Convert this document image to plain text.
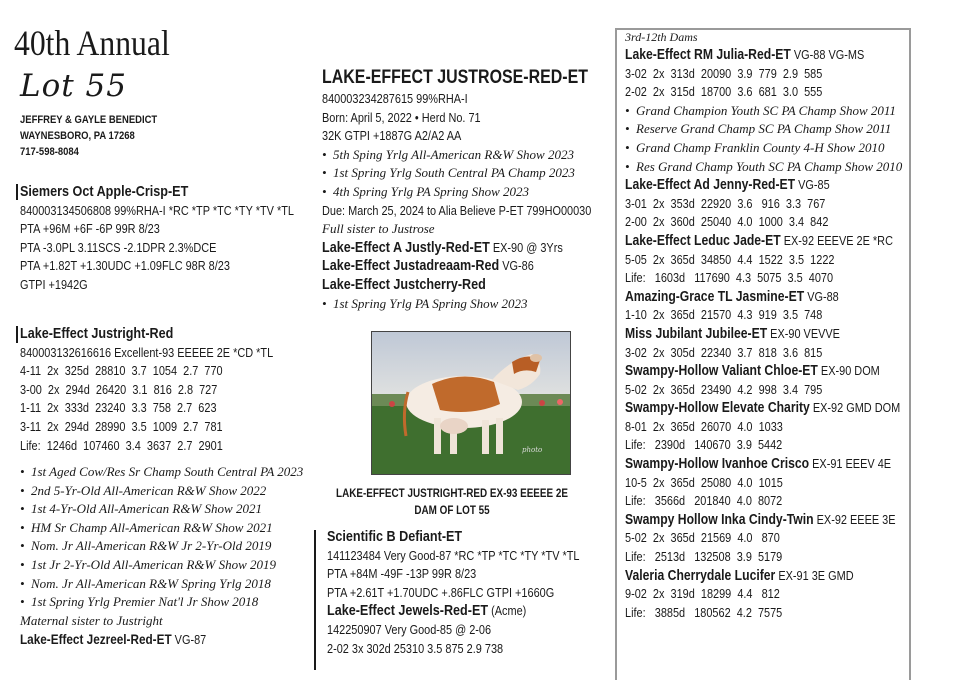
40th Annual
Lot 55
JEFFREY & GAYLE BENEDICT
WAYNESBORO, PA 17268
717-598-8084
Siemers Oct Apple-Crisp-ET
840003134506808 99%RHA-I *RC *TP *TC *TY *TV *TL
PTA +96M +6F -6P 99R 8/23
PTA -3.0PL 3.11SCS -2.1DPR 2.3%DCE
PTA +1.82T +1.30UDC +1.09FLC 98R 8/23
GTPI +1942G
Lake-Effect Justright-Red
840003132616616 Excellent-93 EEEEE 2E *CD *TL
4-11  2x  325d  28810  3.7  1054  2.7  770
3-00  2x  294d  26420  3.1  816  2.8  727
1-11  2x  333d  23240  3.3  758  2.7  623
3-11  2x  294d  28990  3.5  1009  2.7  781
Life:  1246d  107460  3.4  3637  2.7  2901
• 1st Aged Cow/Res Sr Champ South Central PA 2023
• 2nd 5-Yr-Old All-American R&W Show 2022
• 1st 4-Yr-Old All-American R&W Show 2021
• HM Sr Champ All-American R&W Show 2021
• Nom. Jr All-American R&W Jr 2-Yr-Old 2019
• 1st Jr 2-Yr-Old All-American R&W Show 2019
• Nom. Jr All-American R&W Spring Yrlg 2018
• 1st Spring Yrlg Premier Nat'l Jr Show 2018
Maternal sister to Justright
Lake-Effect Jezreel-Red-ET VG-87
LAKE-EFFECT JUSTROSE-RED-ET
840003234287615 99%RHA-I
Born: April 5, 2022 • Herd No. 71
32K GTPI +1887G A2/A2 AA
• 5th Sping Yrlg All-American R&W Show 2023
• 1st Spring Yrlg South Central PA Champ 2023
• 4th Spring Yrlg PA Spring Show 2023
Due: March 25, 2024 to Alia Believe P-ET 799HO00030
Full sister to Justrose
Lake-Effect A Justly-Red-ET EX-90 @ 3Yrs
Lake-Effect Justadreaam-Red VG-86
Lake-Effect Justcherry-Red
• 1st Spring Yrlg PA Spring Show 2023
photo
LAKE-EFFECT JUSTRIGHT-RED EX-93 EEEEE 2E
DAM OF LOT 55
Scientific B Defiant-ET
141123484 Very Good-87 *RC *TP *TC *TY *TV *TL
PTA +84M -49F -13P 99R 8/23
PTA +2.61T +1.70UDC +.86FLC GTPI +1660G
Lake-Effect Jewels-Red-ET (Acme)
142250907 Very Good-85 @ 2-06
2-02 3x 302d 25310 3.5 875 2.9 738
3rd-12th Dams
Lake-Effect RM Julia-Red-ET VG-88 VG-MS
3-02  2x  313d  20090  3.9  779  2.9  585
2-02  2x  315d  18700  3.6  681  3.0  555
• Grand Champion Youth SC PA Champ Show 2011
• Reserve Grand Champ SC PA Champ Show 2011
• Grand Champ Franklin County 4-H Show 2010
• Res Grand Champ Youth SC PA Champ Show 2010
Lake-Effect Ad Jenny-Red-ET VG-85
3-01  2x  353d  22920  3.6   916  3.3  767
2-00  2x  360d  25040  4.0  1000  3.4  842
Lake-Effect Leduc Jade-ET EX-92 EEEVE 2E *RC
5-05  2x  365d  34850  4.4  1522  3.5  1222
Life:   1603d   117690  4.3  5075  3.5  4070
Amazing-Grace TL Jasmine-ET VG-88
1-10  2x  365d  21570  4.3  919  3.5  748
Miss Jubilant Jubilee-ET EX-90 VEVVE
3-02  2x  305d  22340  3.7  818  3.6  815
Swampy-Hollow Valiant Chloe-ET EX-90 DOM
5-02  2x  365d  23490  4.2  998  3.4  795
Swampy-Hollow Elevate Charity EX-92 GMD DOM
8-01  2x  365d  26070  4.0  1033
Life:   2390d   140670  3.9  5442
Swampy-Hollow Ivanhoe Crisco EX-91 EEEV 4E
10-5  2x  365d  25080  4.0  1015
Life:   3566d   201840  4.0  8072
Swampy Hollow Inka Cindy-Twin EX-92 EEEE 3E
5-02  2x  365d  21569  4.0   870
Life:   2513d   132508  3.9  5179
Valeria Cherrydale Lucifer EX-91 3E GMD
9-02  2x  319d  18299  4.4   812
Life:   3885d   180562  4.2  7575
